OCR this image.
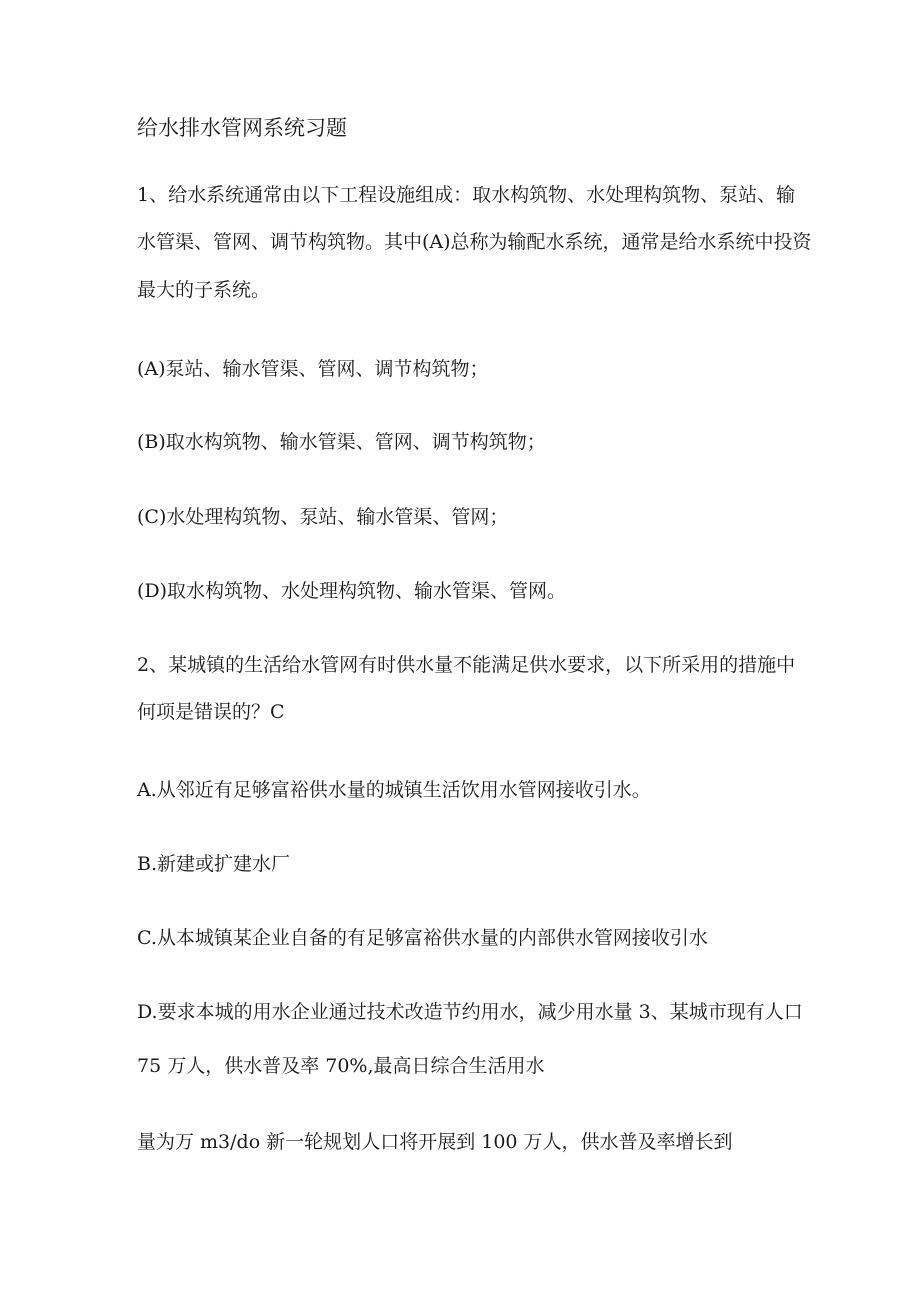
给水排水管网系统习题
1、给水系统通常由以下工程设施组成：取水构筑物、水处理构筑物、泵站、输
水管渠、管网、调节构筑物。其中(A)总称为输配水系统，通常是给水系统中投资
最大的子系统。
(A)泵站、输水管渠、管网、调节构筑物；
(B)取水构筑物、输水管渠、管网、调节构筑物；
(C)水处理构筑物、泵站、输水管渠、管网；
(D)取水构筑物、水处理构筑物、输水管渠、管网。
2、某城镇的生活给水管网有时供水量不能满足供水要求，以下所采用的措施中
何项是错误的？C
A.从邻近有足够富裕供水量的城镇生活饮用水管网接收引水。
B.新建或扩建水厂
C.从本城镇某企业自备的有足够富裕供水量的内部供水管网接收引水
D.要求本城的用水企业通过技术改造节约用水，减少用水量 3、某城市现有人口
75 万人，供水普及率 70%,最高日综合生活用水
量为万 m3/do 新一轮规划人口将开展到 100 万人，供水普及率增长到
